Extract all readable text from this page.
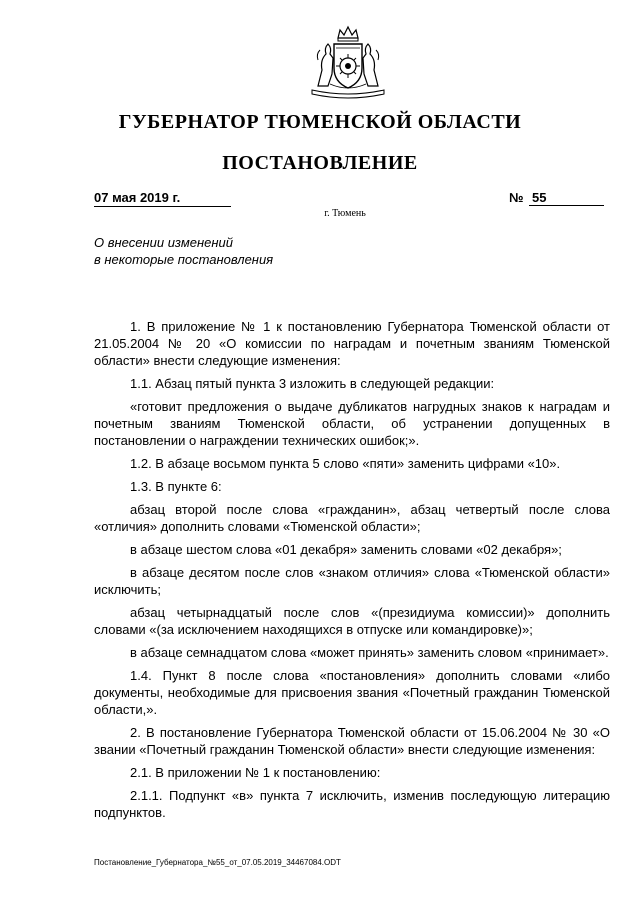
ГУБЕРНАТОР ТЮМЕНСКОЙ ОБЛАСТИ
ПОСТАНОВЛЕНИЕ
07 мая 2019 г.	№ 55
г. Тюмень
О внесении изменений
в некоторые постановления

1. В приложение № 1 к постановлению Губернатора Тюменской области от 21.05.2004 № 20 «О комиссии по наградам и почетным званиям Тюменской области» внести следующие изменения:

1.1. Абзац пятый пункта 3 изложить в следующей редакции:

«готовит предложения о выдаче дубликатов нагрудных знаков к наградам и почетным званиям Тюменской области, об устранении допущенных в постановлении о награждении технических ошибок;».

1.2. В абзаце восьмом пункта 5 слово «пяти» заменить цифрами «10».

1.3. В пункте 6:

абзац второй после слова «гражданин», абзац четвертый после слова «отличия» дополнить словами «Тюменской области»;

в абзаце шестом слова «01 декабря» заменить словами «02 декабря»;

в абзаце десятом после слов «знаком отличия» слова «Тюменской области» исключить;

абзац четырнадцатый после слов «(президиума комиссии)» дополнить словами «(за исключением находящихся в отпуске или командировке)»;

в абзаце семнадцатом слова «может принять» заменить словом «принимает».

1.4. Пункт 8 после слова «постановления» дополнить словами «либо документы, необходимые для присвоения звания «Почетный гражданин Тюменской области,».

2. В постановление Губернатора Тюменской области от 15.06.2004 № 30 «О звании «Почетный гражданин Тюменской области» внести следующие изменения:

2.1. В приложении № 1 к постановлению:

2.1.1. Подпункт «в» пункта 7 исключить, изменив последующую литерацию подпунктов.

Постановление_Губернатора_№55_от_07.05.2019_34467084.ODT
